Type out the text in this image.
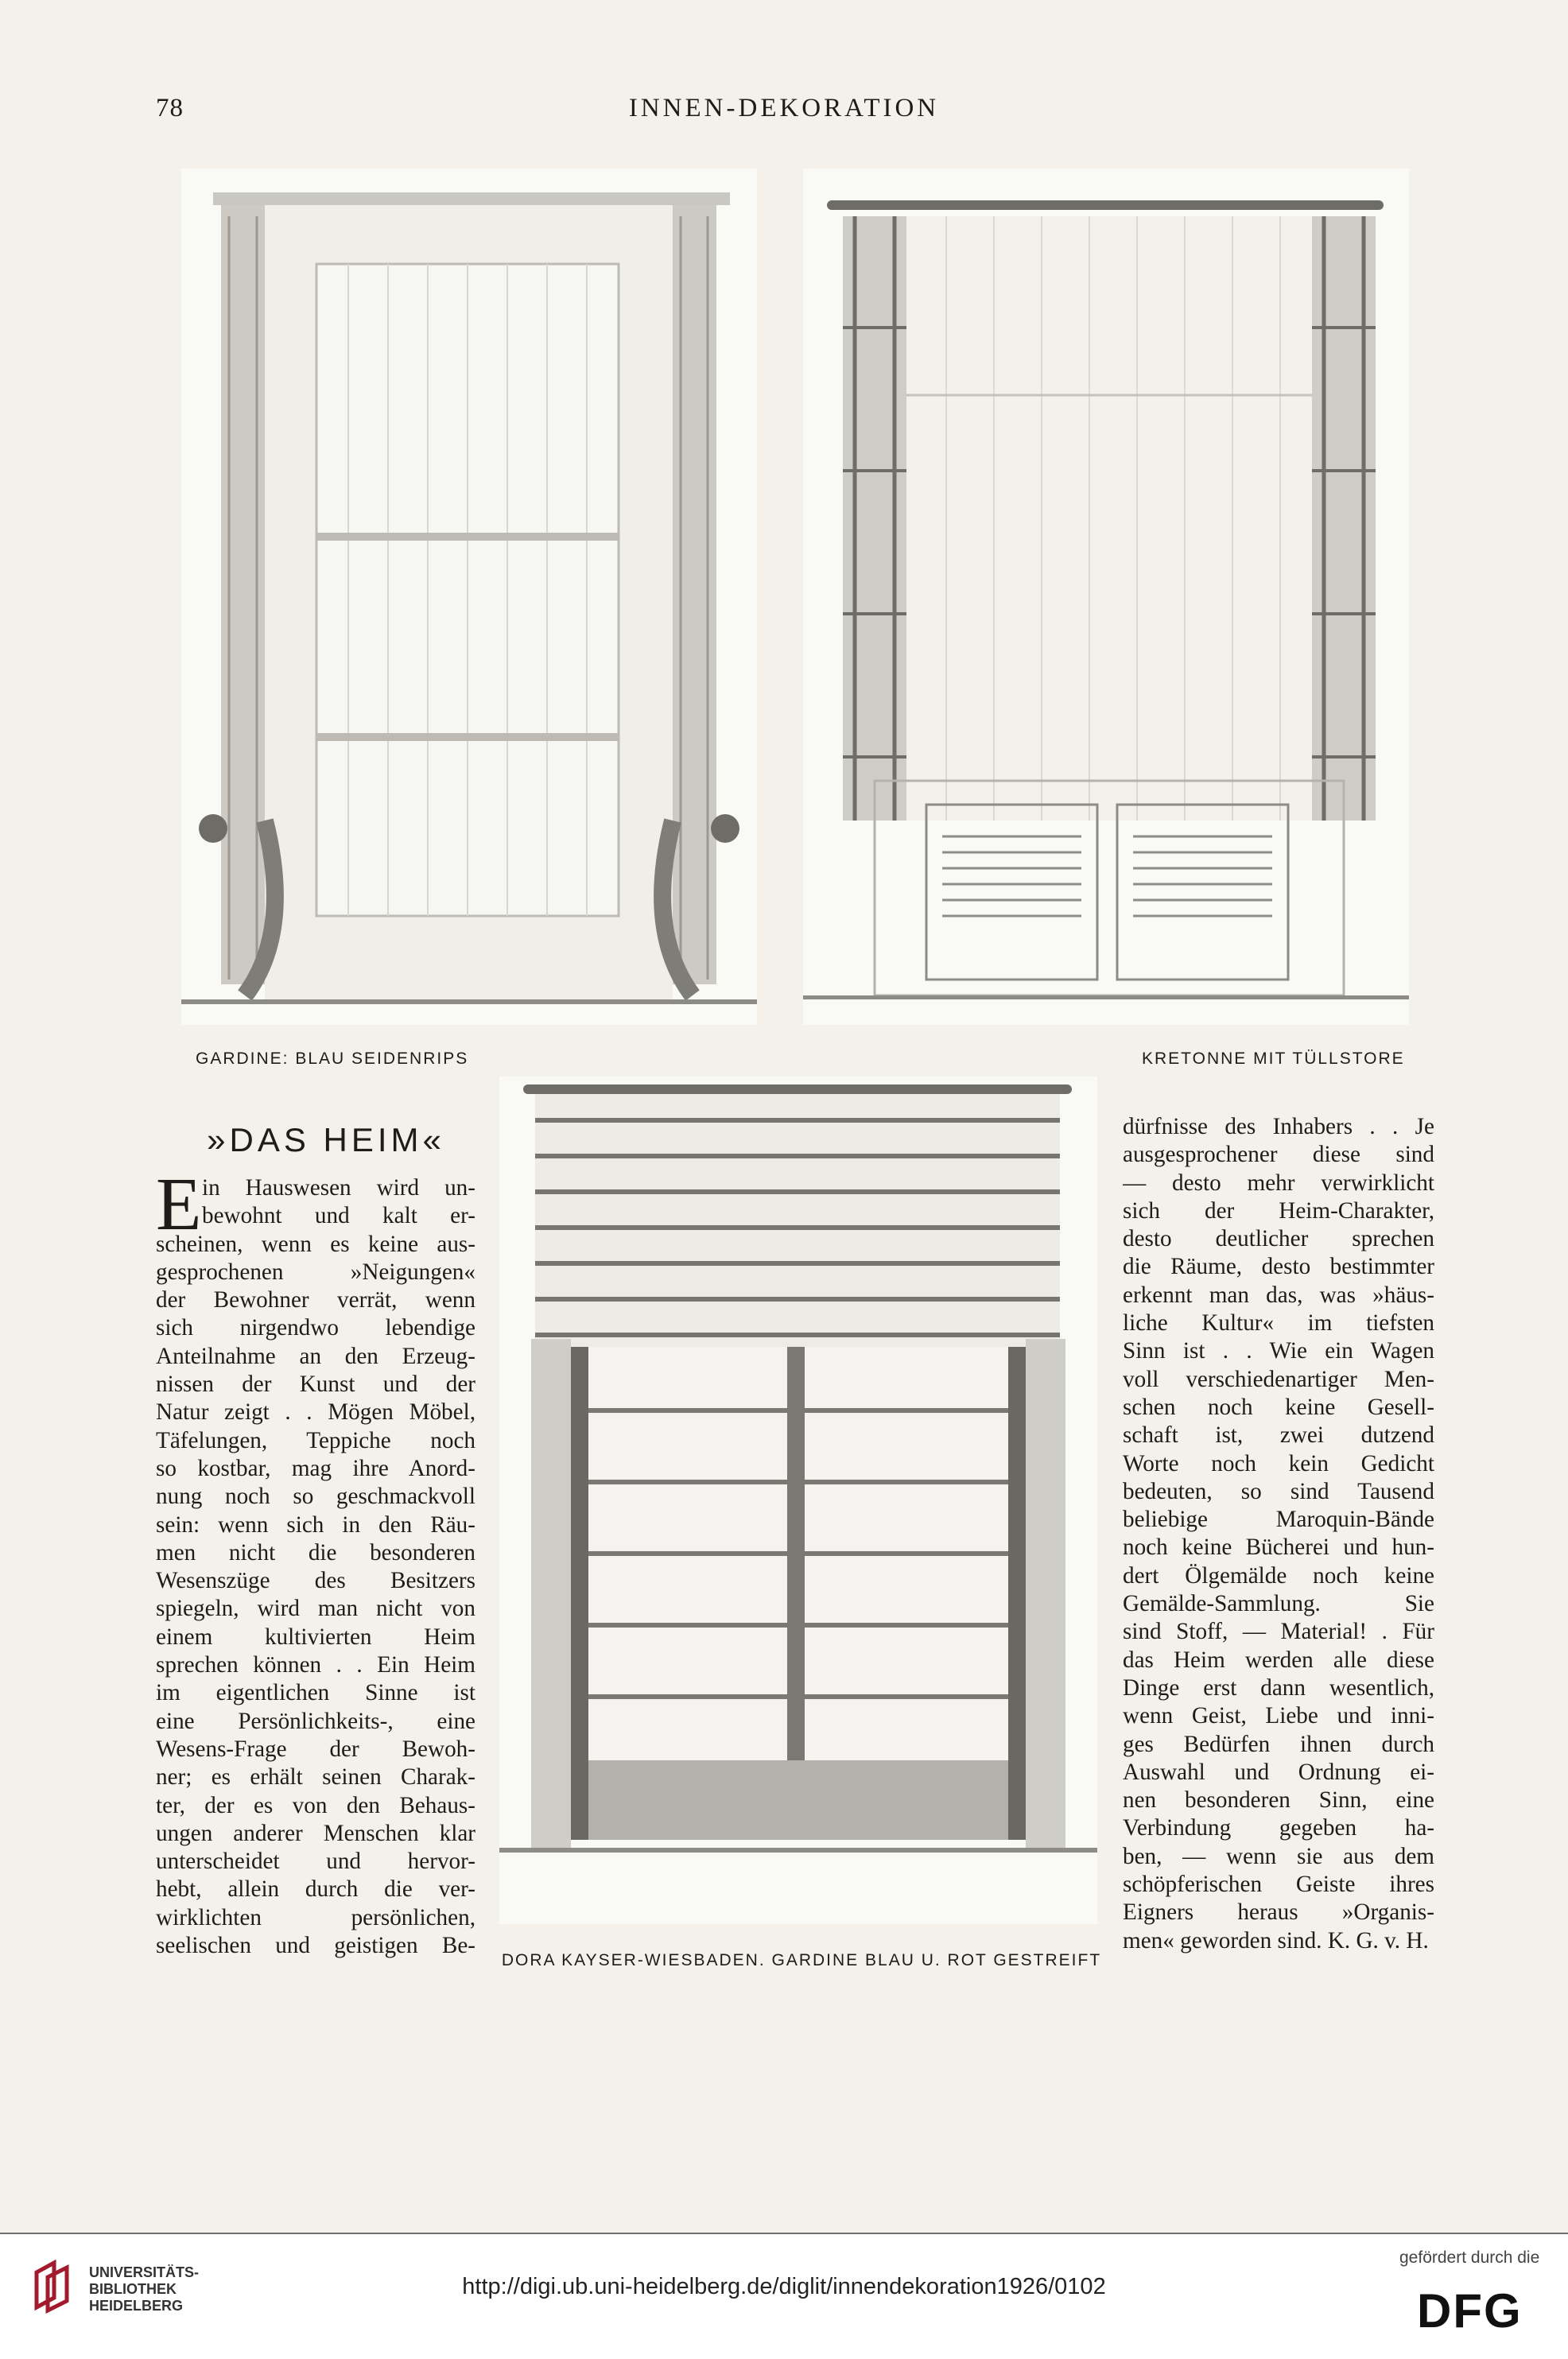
78	INNEN-DEKORATION
GARDINE: BLAU SEIDENRIPS	KRETONNE MIT TÜLLSTORE
»DAS HEIM«
E in Hauswesen wird un-
bewohnt und kalt er-
scheinen, wenn es keine aus-
gesprochenen »Neigungen«
der Bewohner verrät, wenn
sich nirgendwo lebendige
Anteilnahme an den Erzeug-
nissen der Kunst und der
Natur zeigt . . Mögen Möbel,
Täfelungen, Teppiche noch
so kostbar, mag ihre Anord-
nung noch so geschmackvoll
sein: wenn sich in den Räu-
men nicht die besonderen
Wesenszüge des Besitzers
spiegeln, wird man nicht von
einem kultivierten Heim
sprechen können . . Ein Heim
im eigentlichen Sinne ist
eine Persönlichkeits-, eine
Wesens-Frage der Bewoh-
ner; es erhält seinen Charak-
ter, der es von den Behaus-
ungen anderer Menschen klar
unterscheidet und hervor-
hebt, allein durch die ver-
wirklichten persönlichen,
seelischen und geistigen Be-
dürfnisse des Inhabers . . Je
ausgesprochener diese sind
— desto mehr verwirklicht
sich der Heim-Charakter,
desto deutlicher sprechen
die Räume, desto bestimmter
erkennt man das, was »häus-
liche Kultur« im tiefsten
Sinn ist . . Wie ein Wagen
voll verschiedenartiger Men-
schen noch keine Gesell-
schaft ist, zwei dutzend
Worte noch kein Gedicht
bedeuten, so sind Tausend
beliebige Maroquin-Bände
noch keine Bücherei und hun-
dert Ölgemälde noch keine
Gemälde-Sammlung. Sie
sind Stoff, — Material! . Für
das Heim werden alle diese
Dinge erst dann wesentlich,
wenn Geist, Liebe und inni-
ges Bedürfen ihnen durch
Auswahl und Ordnung ei-
nen besonderen Sinn, eine
Verbindung gegeben ha-
ben, — wenn sie aus dem
schöpferischen Geiste ihres
Eigners heraus »Organis-
men« geworden sind. K. G. v. H.
DORA KAYSER-WIESBADEN. GARDINE BLAU U. ROT GESTREIFT
UNIVERSITÄTS-
BIBLIOTHEK
HEIDELBERG
http://digi.ub.uni-heidelberg.de/diglit/innendekoration1926/0102
gefördert durch die
DFG
